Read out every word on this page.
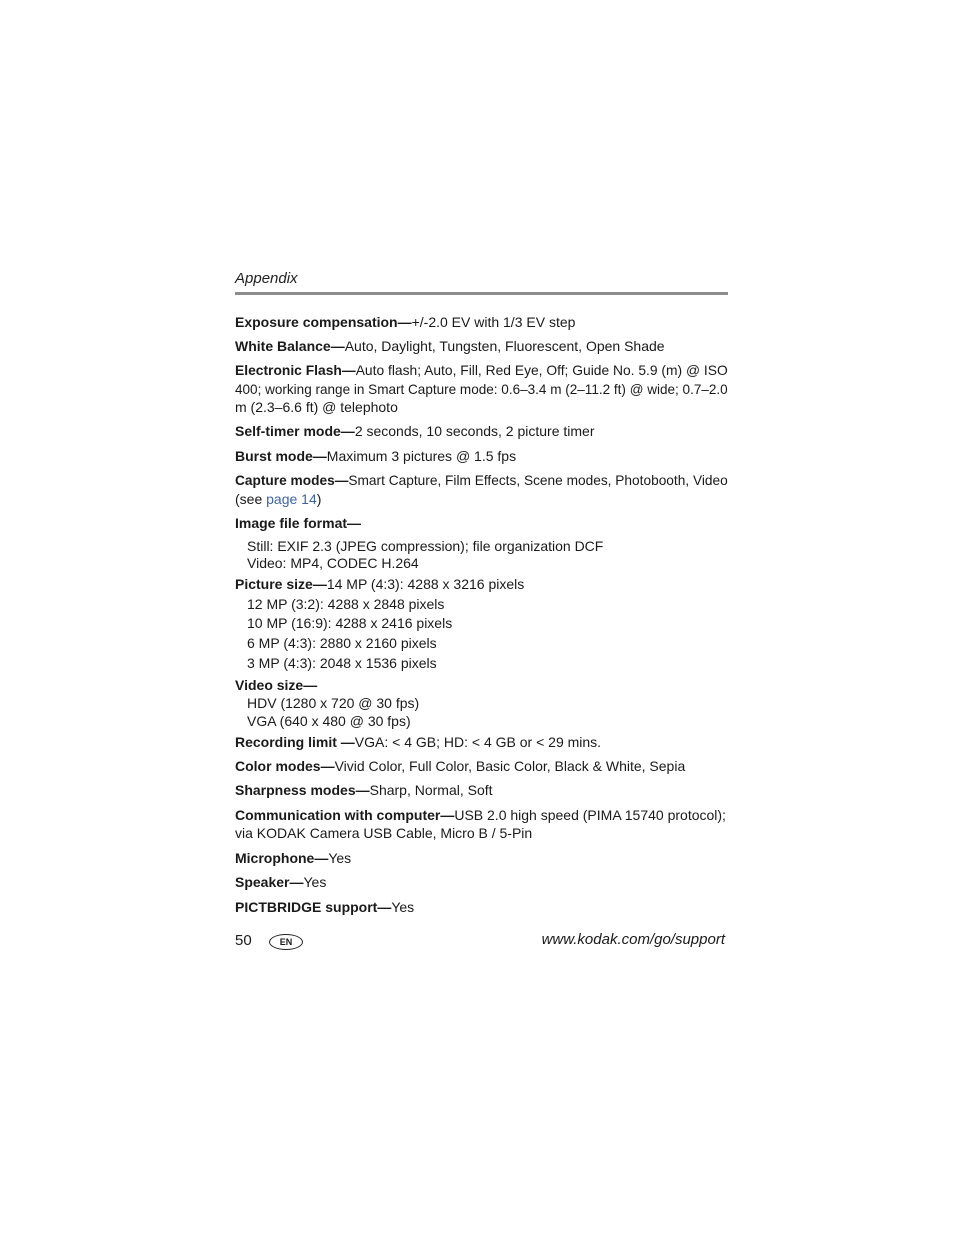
Appendix
Exposure compensation—+/-2.0 EV with 1/3 EV step
White Balance—Auto, Daylight, Tungsten, Fluorescent, Open Shade
Electronic Flash—Auto flash; Auto, Fill, Red Eye, Off; Guide No. 5.9 (m) @ ISO
400; working range in Smart Capture mode: 0.6–3.4 m (2–11.2 ft) @ wide; 0.7–2.0
m (2.3–6.6 ft) @ telephoto
Self-timer mode—2 seconds, 10 seconds, 2 picture timer
Burst mode—Maximum 3 pictures @ 1.5 fps
Capture modes—Smart Capture, Film Effects, Scene modes, Photobooth, Video
(see page 14)
Image file format—
Still: EXIF 2.3 (JPEG compression); file organization DCF
Video: MP4, CODEC H.264
Picture size—14 MP (4:3): 4288 x 3216 pixels
12 MP (3:2): 4288 x 2848 pixels
10 MP (16:9): 4288 x 2416 pixels
6 MP (4:3): 2880 x 2160 pixels
3 MP (4:3): 2048 x 1536 pixels
Video size—
HDV (1280 x 720 @ 30 fps)
VGA (640 x 480 @ 30 fps)
Recording limit —VGA: < 4 GB; HD: < 4 GB or < 29 mins.
Color modes—Vivid Color, Full Color, Basic Color, Black & White, Sepia
Sharpness modes—Sharp, Normal, Soft
Communication with computer—USB 2.0 high speed (PIMA 15740 protocol);
via KODAK Camera USB Cable, Micro B / 5-Pin
Microphone—Yes
Speaker—Yes
PICTBRIDGE support—Yes
50	EN	www.kodak.com/go/support
